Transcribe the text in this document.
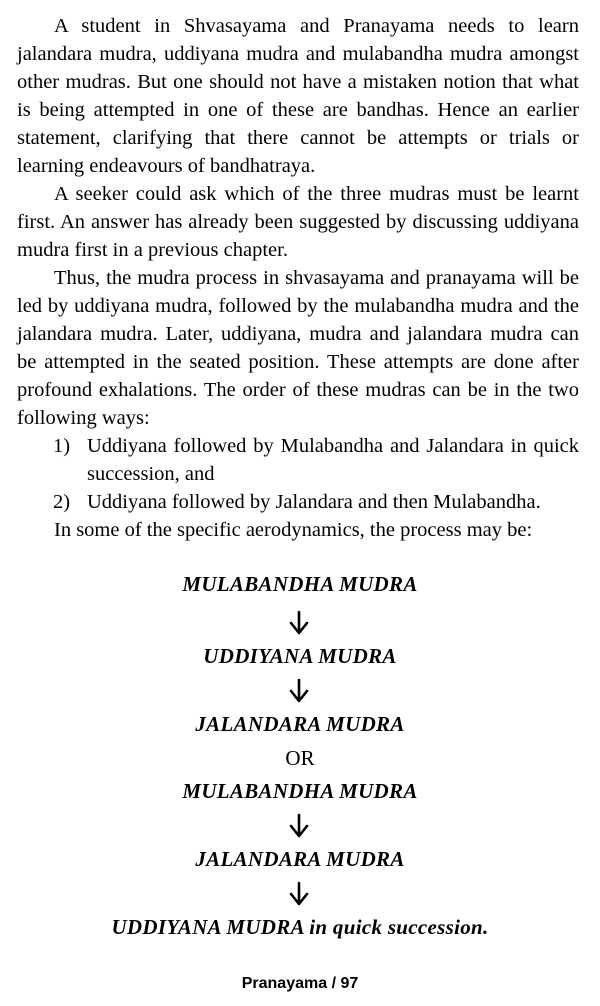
A student in Shvasayama and Pranayama needs to learn jalandara mudra, uddiyana mudra and mulabandha mudra amongst other mudras. But one should not have a mistaken notion that what is being attempted in one of these are bandhas. Hence an earlier statement, clarifying that there cannot be attempts or trials or learning endeavours of bandhatraya.

A seeker could ask which of the three mudras must be learnt first. An answer has already been suggested by discussing uddiyana mudra first in a previous chapter.

Thus, the mudra process in shvasayama and pranayama will be led by uddiyana mudra, followed by the mulabandha mudra and the jalandara mudra. Later, uddiyana, mudra and jalandara mudra can be attempted in the seated position. These attempts are done after profound exhalations. The order of these mudras can be in the two following ways:

1) Uddiyana followed by Mulabandha and Jalandara in quick succession, and
2) Uddiyana followed by Jalandara and then Mulabandha.

In some of the specific aerodynamics, the process may be:

MULABANDHA MUDRA
UDDIYANA MUDRA
JALANDARA MUDRA
OR
MULABANDHA MUDRA
JALANDARA MUDRA
UDDIYANA MUDRA in quick succession.
Pranayama / 97
